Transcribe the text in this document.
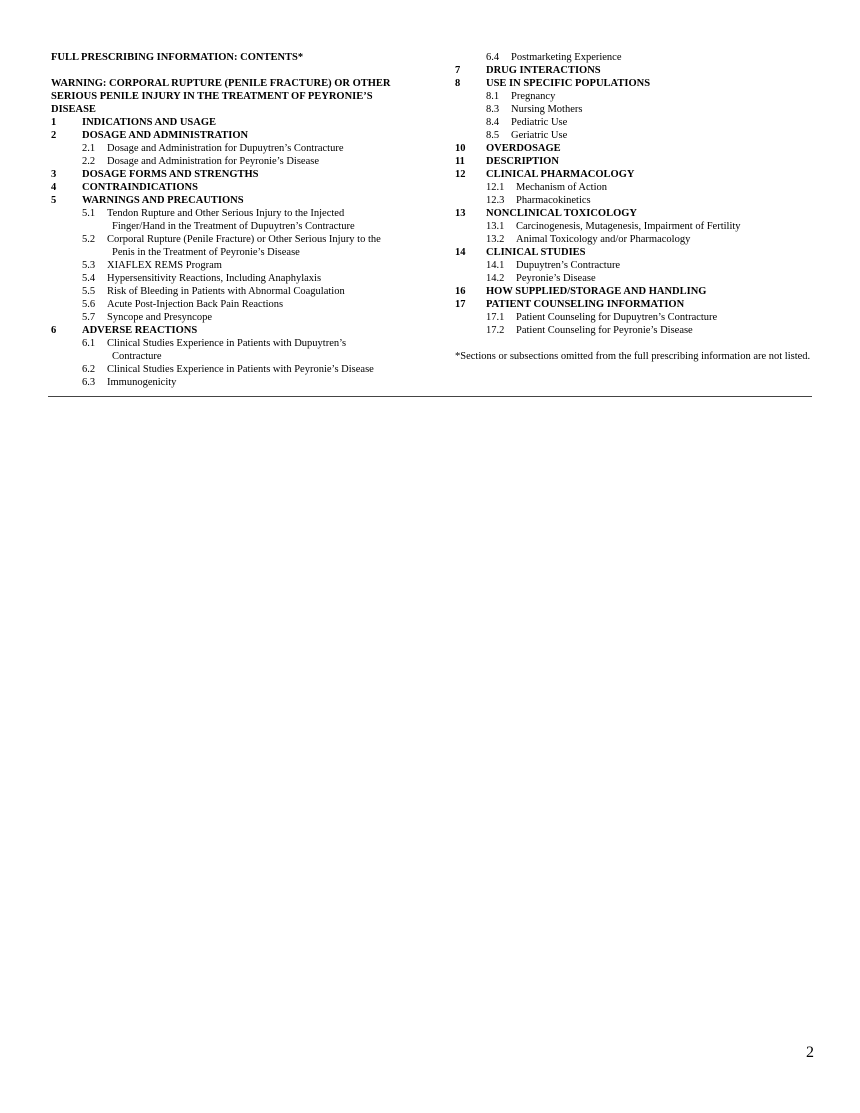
FULL PRESCRIBING INFORMATION: CONTENTS*
WARNING: CORPORAL RUPTURE (PENILE FRACTURE) OR OTHER SERIOUS PENILE INJURY IN THE TREATMENT OF PEYRONIE’S DISEASE
1	INDICATIONS AND USAGE
2	DOSAGE AND ADMINISTRATION
2.1	Dosage and Administration for Dupuytren’s Contracture
2.2	Dosage and Administration for Peyronie’s Disease
3	DOSAGE FORMS AND STRENGTHS
4	CONTRAINDICATIONS
5	WARNINGS AND PRECAUTIONS
5.1	Tendon Rupture and Other Serious Injury to the Injected
Finger/Hand in the Treatment of Dupuytren’s Contracture
5.2	Corporal Rupture (Penile Fracture) or Other Serious Injury to the
Penis in the Treatment of Peyronie’s Disease
5.3	XIAFLEX REMS Program
5.4	Hypersensitivity Reactions, Including Anaphylaxis
5.5	Risk of Bleeding in Patients with Abnormal Coagulation
5.6	Acute Post-Injection Back Pain Reactions
5.7	Syncope and Presyncope
6	ADVERSE REACTIONS
6.1	Clinical Studies Experience in Patients with Dupuytren’s
Contracture
6.2	Clinical Studies Experience in Patients with Peyronie’s Disease
6.3	Immunogenicity
6.4	Postmarketing Experience
7	DRUG INTERACTIONS
8	USE IN SPECIFIC POPULATIONS
8.1	Pregnancy
8.3	Nursing Mothers
8.4	Pediatric Use
8.5	Geriatric Use
10	OVERDOSAGE
11	DESCRIPTION
12	CLINICAL PHARMACOLOGY
12.1	Mechanism of Action
12.3	Pharmacokinetics
13	NONCLINICAL TOXICOLOGY
13.1	Carcinogenesis, Mutagenesis, Impairment of Fertility
13.2	Animal Toxicology and/or Pharmacology
14	CLINICAL STUDIES
14.1	Dupuytren’s Contracture
14.2	Peyronie’s Disease
16	HOW SUPPLIED/STORAGE AND HANDLING
17	PATIENT COUNSELING INFORMATION
17.1	Patient Counseling for Dupuytren’s Contracture
17.2	Patient Counseling for Peyronie’s Disease
*Sections or subsections omitted from the full prescribing information are not listed.
2
